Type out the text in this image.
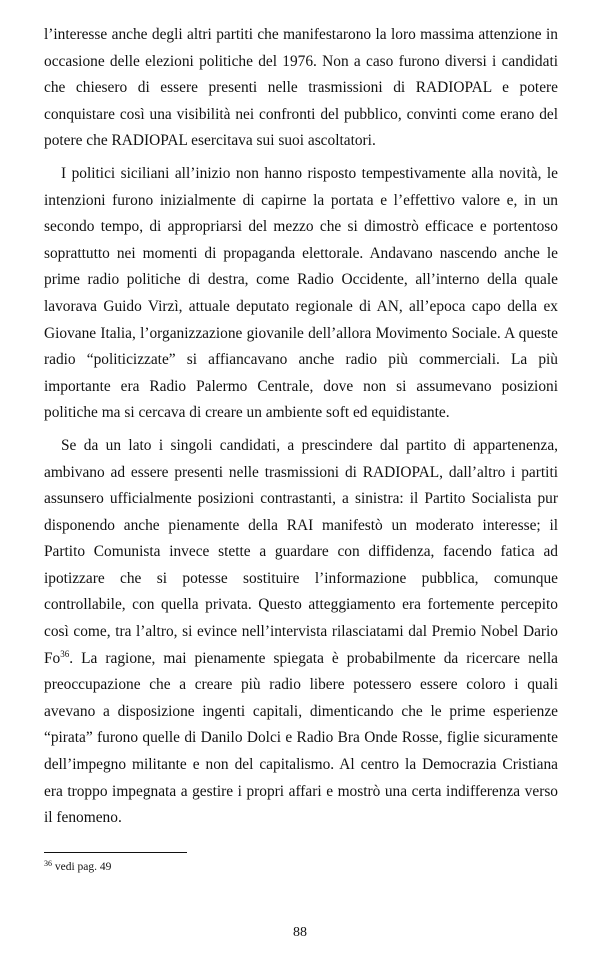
l’interesse anche degli altri partiti che manifestarono la loro massima attenzione in occasione delle elezioni politiche del 1976. Non a caso furono diversi i candidati che chiesero di essere presenti nelle trasmissioni di RADIOPAL e potere conquistare così una visibilità nei confronti del pubblico, convinti come erano del potere che RADIOPAL esercitava sui suoi ascoltatori.

I politici siciliani all’inizio non hanno risposto tempestivamente alla novità, le intenzioni furono inizialmente di capirne la portata e l’effettivo valore e, in un secondo tempo, di appropriarsi del mezzo che si dimostrò efficace e portentoso soprattutto nei momenti di propaganda elettorale. Andavano nascendo anche le prime radio politiche di destra, come Radio Occidente, all’interno della quale lavorava Guido Virzì, attuale deputato regionale di AN, all’epoca capo della ex Giovane Italia, l’organizzazione giovanile dell’allora Movimento Sociale. A queste radio “politicizzate” si affiancavano anche radio più commerciali. La più importante era Radio Palermo Centrale, dove non si assumevano posizioni politiche ma si cercava di creare un ambiente soft ed equidistante.

Se da un lato i singoli candidati, a prescindere dal partito di appartenenza, ambivano ad essere presenti nelle trasmissioni di RADIOPAL, dall’altro i partiti assunsero ufficialmente posizioni contrastanti, a sinistra: il Partito Socialista pur disponendo anche pienamente della RAI manifestò un moderato interesse; il Partito Comunista invece stette a guardare con diffidenza, facendo fatica ad ipotizzare che si potesse sostituire l’informazione pubblica, comunque controllabile, con quella privata. Questo atteggiamento era fortemente percepito così come, tra l’altro, si evince nell’intervista rilasciatami dal Premio Nobel Dario Fo$^{36}$. La ragione, mai pienamente spiegata è probabilmente da ricercare nella preoccupazione che a creare più radio libere potessero essere coloro i quali avevano a disposizione ingenti capitali, dimenticando che le prime esperienze “pirata” furono quelle di Danilo Dolci e Radio Bra Onde Rosse, figlie sicuramente dell’impegno militante e non del capitalismo. Al centro la Democrazia Cristiana era troppo impegnata a gestire i propri affari e mostrò una certa indifferenza verso il fenomeno.

$^{36}$ vedi pag. 49
88
